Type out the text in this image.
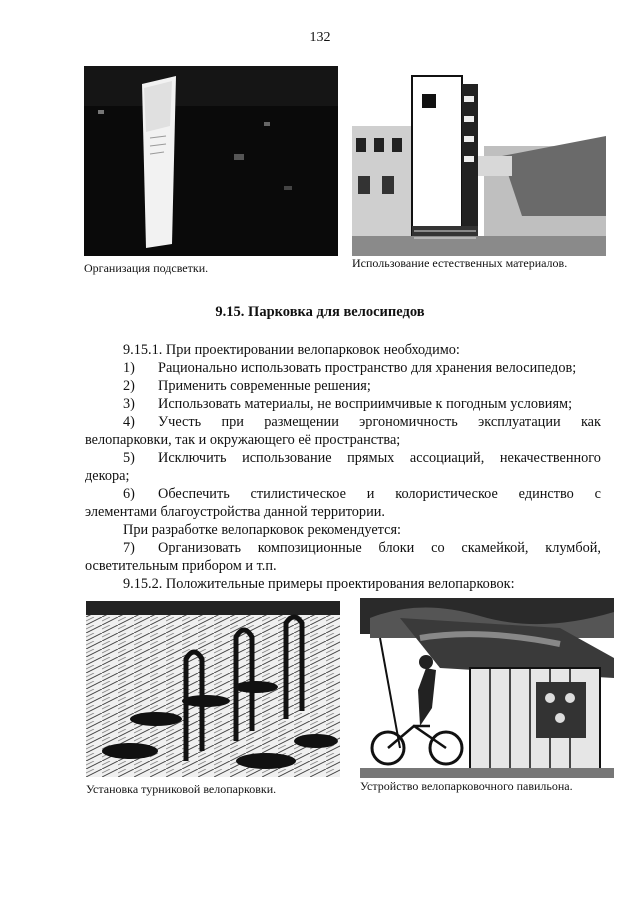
132
Организация подсветки.	Использование естественных материалов.
9.15. Парковка для велосипедов
9.15.1. При проектировании велопарковок необходимо:
1) Рационально использовать пространство для хранения велосипедов;
2) Применить современные решения;
3) Использовать материалы, не восприимчивые к погодным условиям;
4) Учесть при размещении эргономичность эксплуатации как
велопарковки, так и окружающего её пространства;
5) Исключить использование прямых ассоциаций, некачественного
декора;
6) Обеспечить стилистическое и колористическое единство с
элементами благоустройства данной территории.
При разработке велопарковок рекомендуется:
7) Организовать композиционные блоки со скамейкой, клумбой,
осветительным прибором и т.п.
9.15.2. Положительные примеры проектирования велопарковок:
Установка турниковой велопарковки.	Устройство велопарковочного павильона.
